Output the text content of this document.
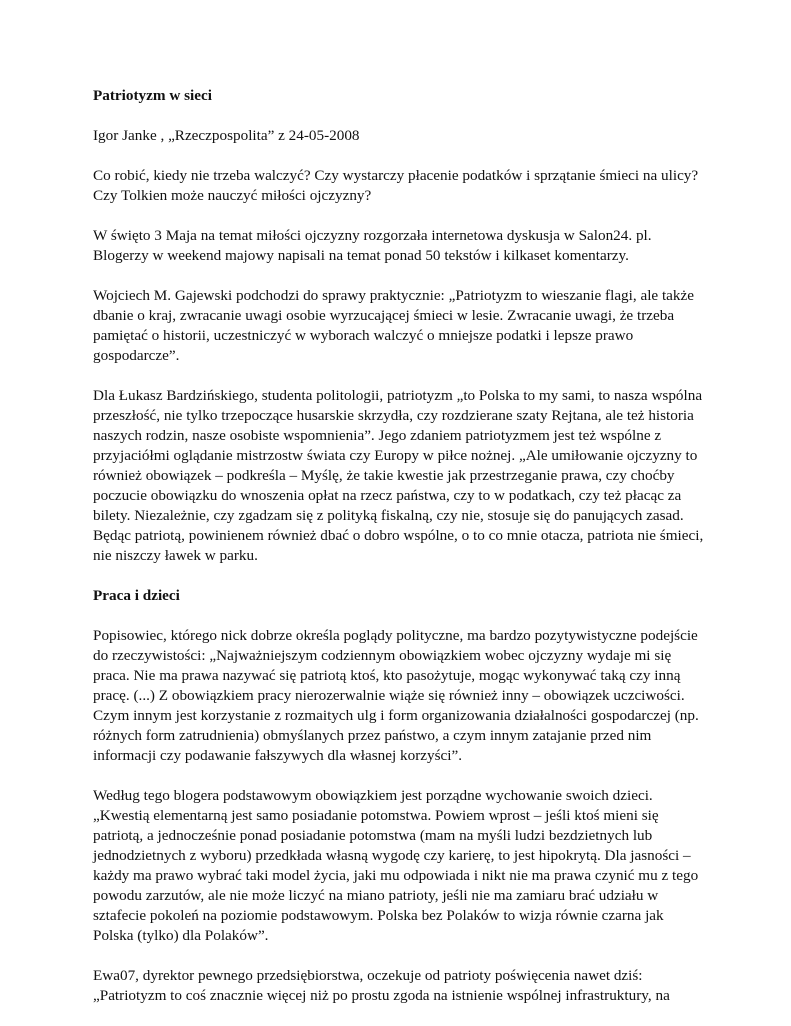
Patriotyzm w sieci

Igor Janke , „Rzeczpospolita” z 24-05-2008

Co robić, kiedy nie trzeba walczyć? Czy wystarczy płacenie podatków i sprzątanie śmieci na ulicy? Czy Tolkien może nauczyć miłości ojczyzny?

W święto 3 Maja na temat miłości ojczyzny rozgorzała internetowa dyskusja w Salon24. pl. Blogerzy w weekend majowy napisali na temat ponad 50 tekstów i kilkaset komentarzy.

Wojciech M. Gajewski podchodzi do sprawy praktycznie: „Patriotyzm to wieszanie flagi, ale także dbanie o kraj, zwracanie uwagi osobie wyrzucającej śmieci w lesie. Zwracanie uwagi, że trzeba pamiętać o historii, uczestniczyć w wyborach walczyć o mniejsze podatki i lepsze prawo gospodarcze”.

Dla Łukasz Bardzińskiego, studenta politologii, patriotyzm „to Polska to my sami, to nasza wspólna przeszłość, nie tylko trzepoczące husarskie skrzydła, czy rozdzierane szaty Rejtana, ale też historia naszych rodzin, nasze osobiste wspomnienia”. Jego zdaniem patriotyzmem jest też wspólne z przyjaciółmi oglądanie mistrzostw świata czy Europy w piłce nożnej. „Ale umiłowanie ojczyzny to również obowiązek – podkreśla – Myślę, że takie kwestie jak przestrzeganie prawa, czy choćby poczucie obowiązku do wnoszenia opłat na rzecz państwa, czy to w podatkach, czy też płacąc za bilety. Niezależnie, czy zgadzam się z polityką fiskalną, czy nie, stosuje się do panujących zasad. Będąc patriotą, powinienem również dbać o dobro wspólne, o to co mnie otacza, patriota nie śmieci, nie niszczy ławek w parku.

Praca i dzieci

Popisowiec, którego nick dobrze określa poglądy polityczne, ma bardzo pozytywistyczne podejście do rzeczywistości: „Najważniejszym codziennym obowiązkiem wobec ojczyzny wydaje mi się praca. Nie ma prawa nazywać się patriotą ktoś, kto pasożytuje, mogąc wykonywać taką czy inną pracę. (...) Z obowiązkiem pracy nierozerwalnie wiąże się również inny – obowiązek uczciwości. Czym innym jest korzystanie z rozmaitych ulg i form organizowania działalności gospodarczej (np. różnych form zatrudnienia) obmyślanych przez państwo, a czym innym zatajanie przed nim informacji czy podawanie fałszywych dla własnej korzyści”.

Według tego blogera podstawowym obowiązkiem jest porządne wychowanie swoich dzieci. „Kwestią elementarną jest samo posiadanie potomstwa. Powiem wprost – jeśli ktoś mieni się patriotą, a jednocześnie ponad posiadanie potomstwa (mam na myśli ludzi bezdzietnych lub jednodzietnych z wyboru) przedkłada własną wygodę czy karierę, to jest hipokrytą. Dla jasności – każdy ma prawo wybrać taki model życia, jaki mu odpowiada i nikt nie ma prawa czynić mu z tego powodu zarzutów, ale nie może liczyć na miano patrioty, jeśli nie ma zamiaru brać udziału w sztafecie pokoleń na poziomie podstawowym. Polska bez Polaków to wizja równie czarna jak Polska (tylko) dla Polaków”.

Ewa07, dyrektor pewnego przedsiębiorstwa, oczekuje od patrioty poświęcenia nawet dziś: „Patriotyzm to coś znacznie więcej niż po prostu zgoda na istnienie wspólnej infrastruktury, na
